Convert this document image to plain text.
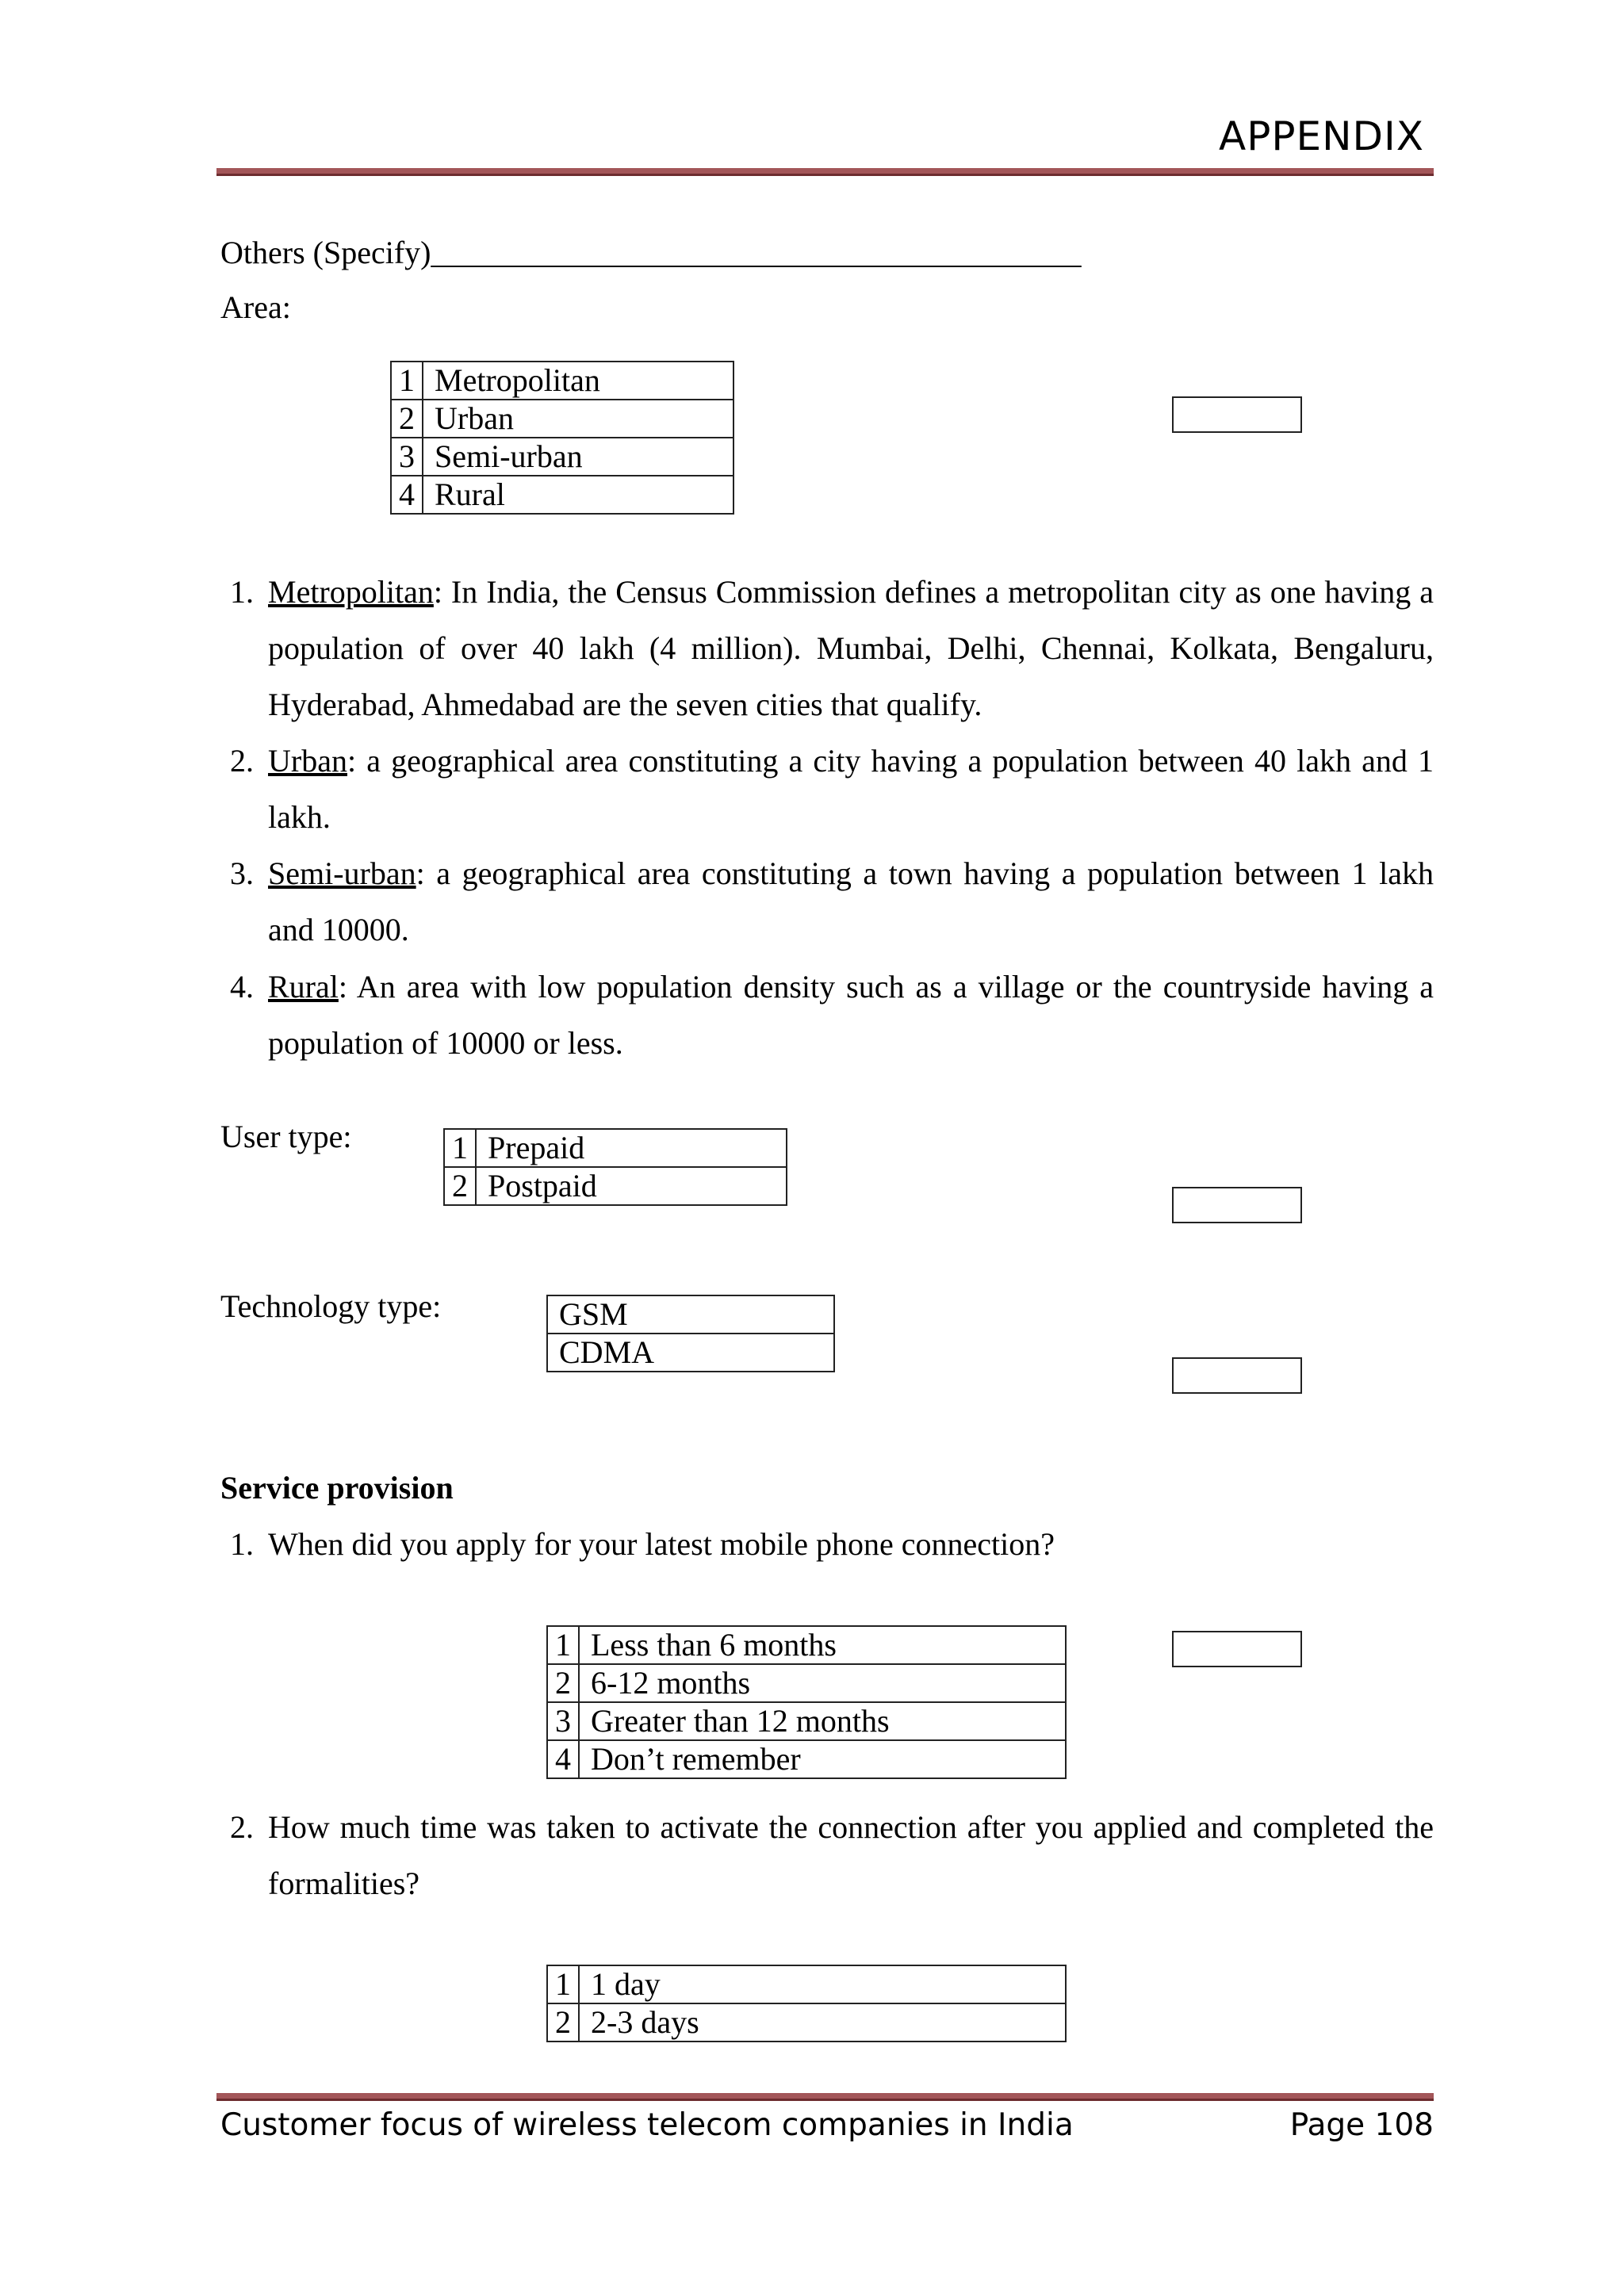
APPENDIX
Others (Specify)_________________________________________
Area:
1	Metropolitan
2	Urban
3	Semi-urban
4	Rural
1. Metropolitan: In India, the Census Commission defines a metropolitan city as one having a population of over 40 lakh (4 million). Mumbai, Delhi, Chennai, Kolkata, Bengaluru, Hyderabad, Ahmedabad are the seven cities that qualify.
2. Urban: a geographical area constituting a city having a population between 40 lakh and 1 lakh.
3. Semi-urban: a geographical area constituting a town having a population between 1 lakh and 10000.
4. Rural: An area with low population density such as a village or the countryside having a population of 10000 or less.
User type:	1	Prepaid
2	Postpaid
Technology type:	GSM
CDMA
Service provision
1. When did you apply for your latest mobile phone connection?
1	Less than 6 months
2	6-12 months
3	Greater than 12 months
4	Don’t remember
2. How much time was taken to activate the connection after you applied and completed the formalities?
1	1 day
2	2-3 days
Customer focus of wireless telecom companies in India	Page 108
